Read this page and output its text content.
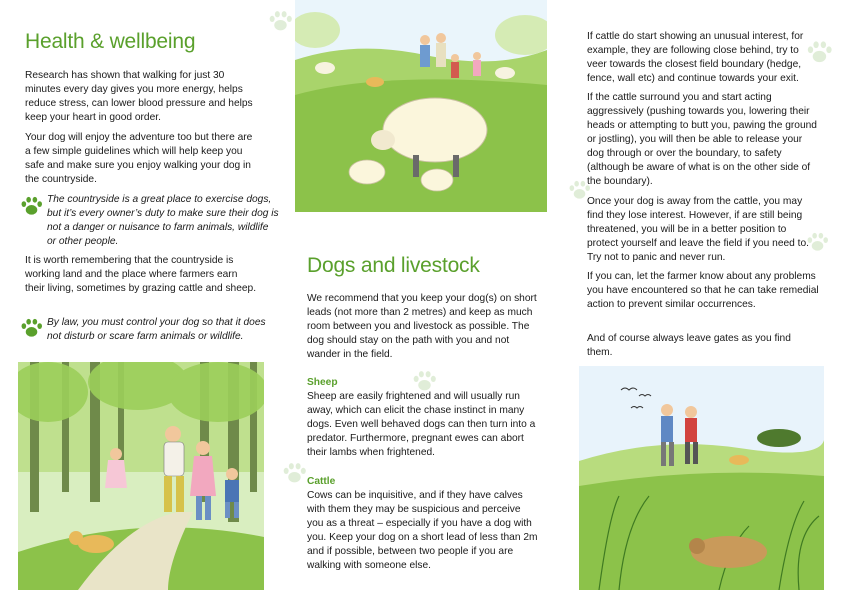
Health & wellbeing

Research has shown that walking for just 30 minutes every day gives you more energy, helps reduce stress, can lower blood pressure and helps keep your heart in good order.

Your dog will enjoy the adventure too but there are a few simple guidelines which will help keep you safe and make sure you enjoy walking your dog in the countryside.

The countryside is a great place to exercise dogs, but it’s every owner’s duty to make sure their dog is not a danger or nuisance to farm animals, wildlife or other people.

It is worth remembering that the countryside is working land and the place where farmers earn their living, sometimes by grazing cattle and sheep.

By law, you must control your dog so that it does not disturb or scare farm animals or wildlife.

Dogs and livestock

We recommend that you keep your dog(s) on short leads (not more than 2 metres) and keep as much room between you and livestock as possible. The dog should stay on the path with you and not wander in the field.

Sheep

Sheep are easily frightened and will usually run away, which can elicit the chase instinct in many dogs. Even well behaved dogs can then turn into a predator. Furthermore, pregnant ewes can abort their lambs when frightened.

Cattle

Cows can be inquisitive, and if they have calves with them they may be suspicious and perceive you as a threat – especially if you have a dog with you. Keep your dog on a short lead of less than 2m and if possible, between two people if you are walking with someone else.

If cattle do start showing an unusual interest, for example, they are following close behind, try to veer towards the closest field boundary (hedge, fence, wall etc) and continue towards your exit.

If the cattle surround you and start acting aggressively (pushing towards you, lowering their heads or attempting to butt you, pawing the ground or jostling), you will then be able to release your dog through or over the boundary, to safety (although be aware of what is on the other side of the boundary).

Once your dog is away from the cattle, you may find they lose interest. However, if are still being threatened, you will be in a better position to protect yourself and leave the field if you need to. Try not to panic and never run.

If you can, let the farmer know about any problems you have encountered so that he can take remedial action to prevent similar occurrences.

And of course always leave gates as you find them.
